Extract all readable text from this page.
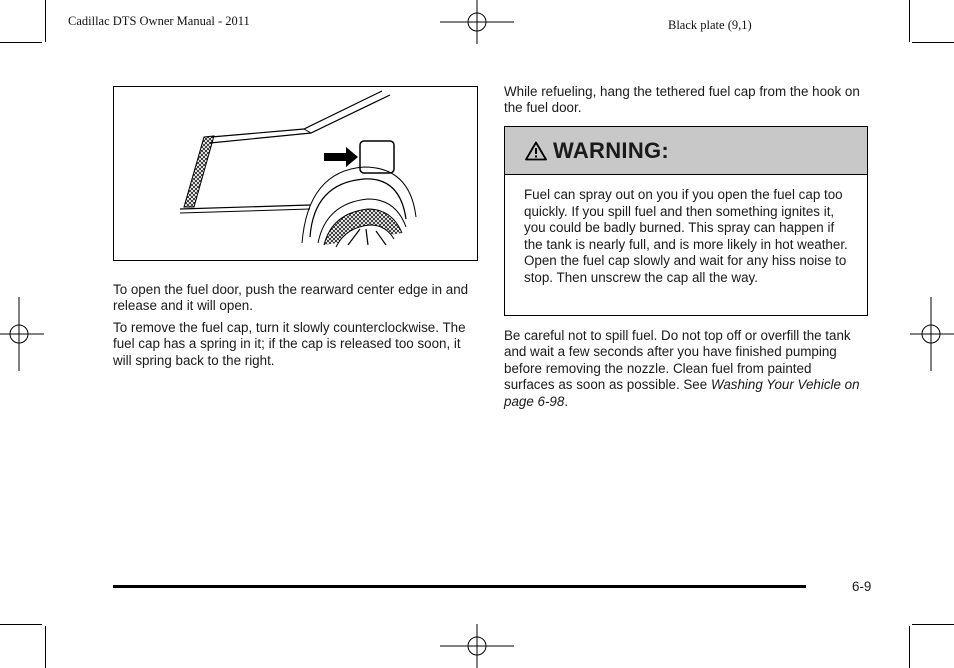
Cadillac DTS Owner Manual - 2011	Black plate (9,1)

To open the fuel door, push the rearward center edge in and release and it will open.

To remove the fuel cap, turn it slowly counterclockwise. The fuel cap has a spring in it; if the cap is released too soon, it will spring back to the right.

While refueling, hang the tethered fuel cap from the hook on the fuel door.

WARNING:
Fuel can spray out on you if you open the fuel cap too quickly. If you spill fuel and then something ignites it, you could be badly burned. This spray can happen if the tank is nearly full, and is more likely in hot weather. Open the fuel cap slowly and wait for any hiss noise to stop. Then unscrew the cap all the way.

Be careful not to spill fuel. Do not top off or overfill the tank and wait a few seconds after you have finished pumping before removing the nozzle. Clean fuel from painted surfaces as soon as possible. See Washing Your Vehicle on page 6-98.

6-9
